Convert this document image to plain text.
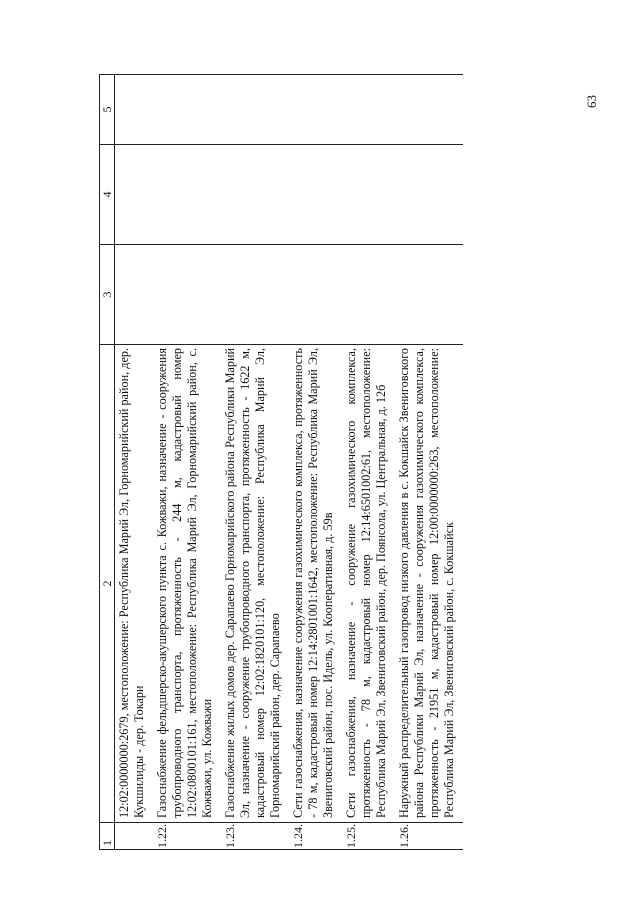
63
1	2	3	4	5
	12:02:0000000:2679, местоположение: Республика Марий Эл, Горномарийский район, дер. Кукшилиды - дер. Токари			
1.22.	Газоснабжение фельдшерско-акушерского пункта с. Кожважи, назначение - сооружения трубопроводного транспорта, протяженность - 244 м, кадастровый номер 12:02:0800101:161, местоположение: Республика Марий Эл, Горномарийский район, с. Кожважи, ул. Кожважи			
1.23.	Газоснабжение жилых домов дер. Сарапаево Горномарийского района Республики Марий Эл, назначение - сооружение трубопроводного транспорта, протяженность - 1622 м, кадастровый номер 12:02:1820101:120, местоположение: Республика Марий Эл, Горномарийский район, дер. Сарапаево			
1.24.	Сети газоснабжения, назначение сооружения газохимического комплекса, протяженность - 78 м, кадастровый номер 12:14:2801001:1642, местоположение: Республика Марий Эл, Звениговский район, пос. Идель, ул. Кооперативная, д. 59в			
1.25.	Сети газоснабжения, назначение - сооружение газохимического комплекса, протяженность - 78 м, кадастровый номер 12:14:6501002:61, местоположение: Республика Марий Эл, Звениговский район, дер. Поянсола, ул. Центральная, д. 12б			
1.26.	Наружный распределительный газопровод низкого давления в с. Кокшайск Звениговского района Республики Марий Эл, назначение - сооружения газохимического комплекса, протяженность - 21951 м, кадастровый номер 12:00:0000000:263, местоположение: Республика Марий Эл, Звениговский район, с. Кокшайск			
